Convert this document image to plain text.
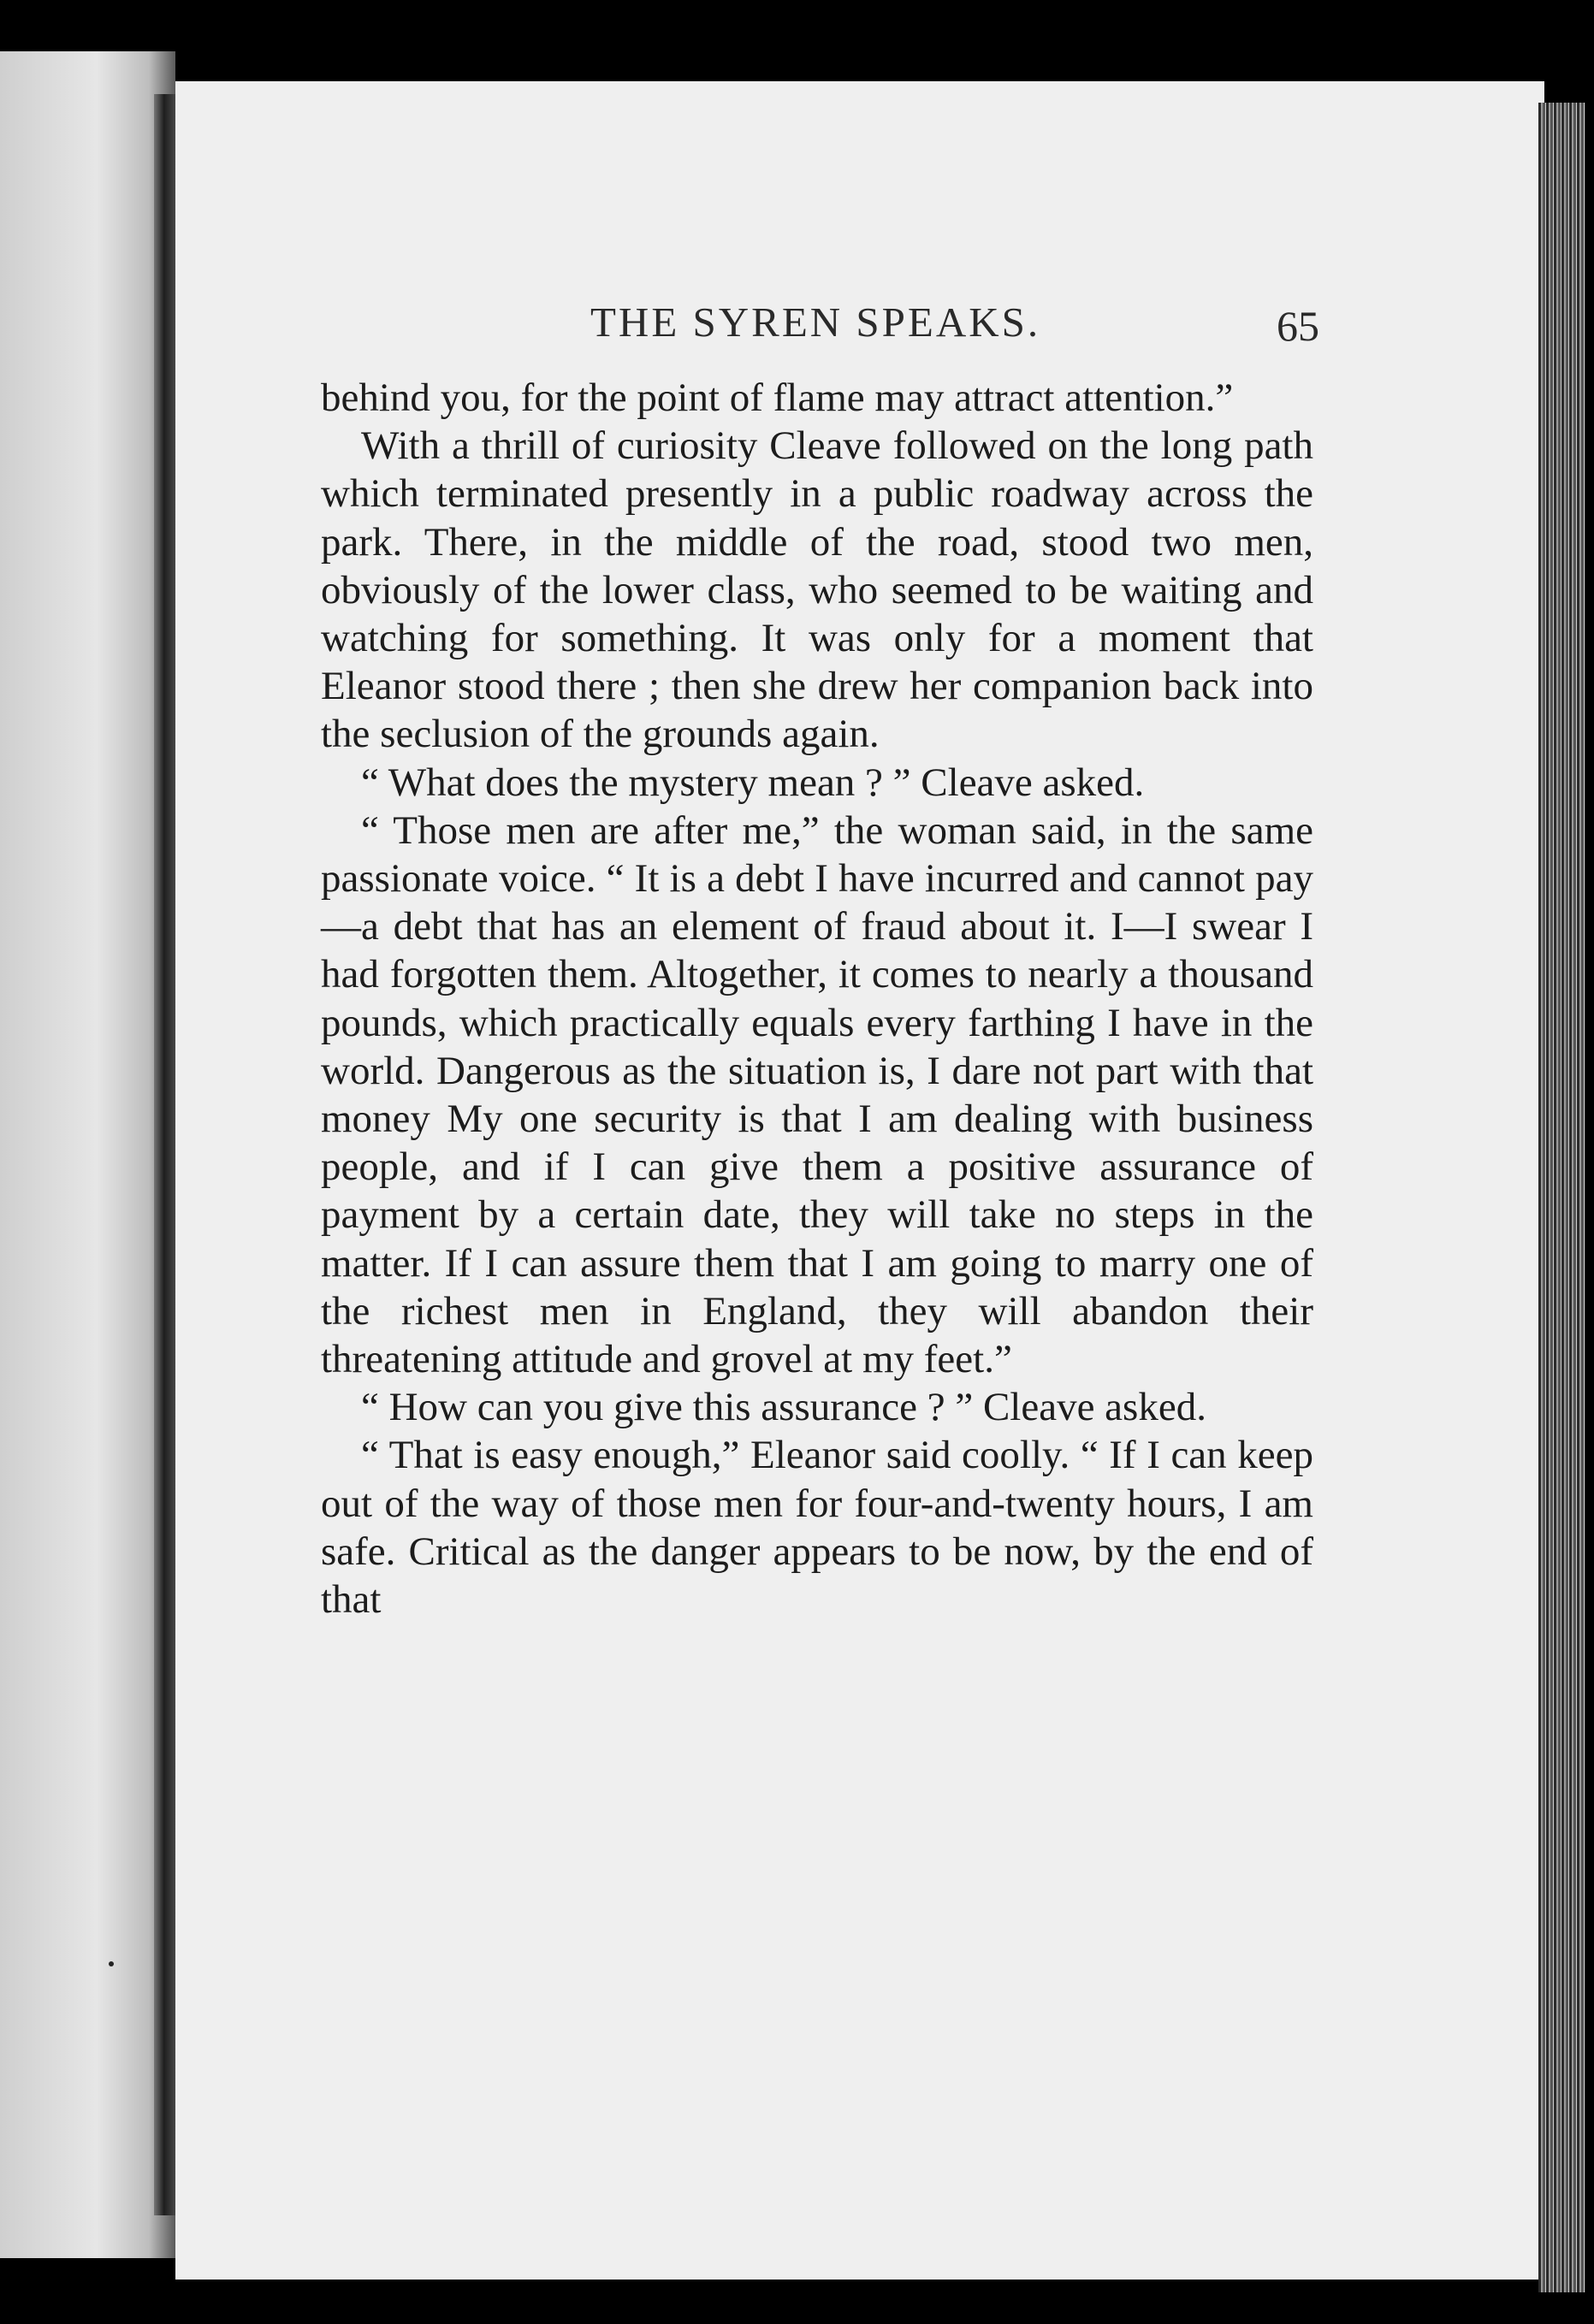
THE SYREN SPEAKS.	65

behind you, for the point of flame may attract attention.”

With a thrill of curiosity Cleave followed on the long path which terminated presently in a public roadway across the park. There, in the middle of the road, stood two men, obviously of the lower class, who seemed to be waiting and watching for something. It was only for a moment that Eleanor stood there ; then she drew her companion back into the seclusion of the grounds again.

“ What does the mystery mean ? ” Cleave asked.

“ Those men are after me,” the woman said, in the same passionate voice. “ It is a debt I have incurred and cannot pay—a debt that has an element of fraud about it. I—I swear I had forgotten them. Altogether, it comes to nearly a thousand pounds, which practically equals every farthing I have in the world. Dangerous as the situation is, I dare not part with that money My one security is that I am dealing with business people, and if I can give them a positive assurance of payment by a certain date, they will take no steps in the matter. If I can assure them that I am going to marry one of the richest men in England, they will abandon their threatening attitude and grovel at my feet.”

“ How can you give this assurance ? ” Cleave asked.

“ That is easy enough,” Eleanor said coolly. “ If I can keep out of the way of those men for four-and-twenty hours, I am safe. Critical as the danger appears to be now, by the end of that
